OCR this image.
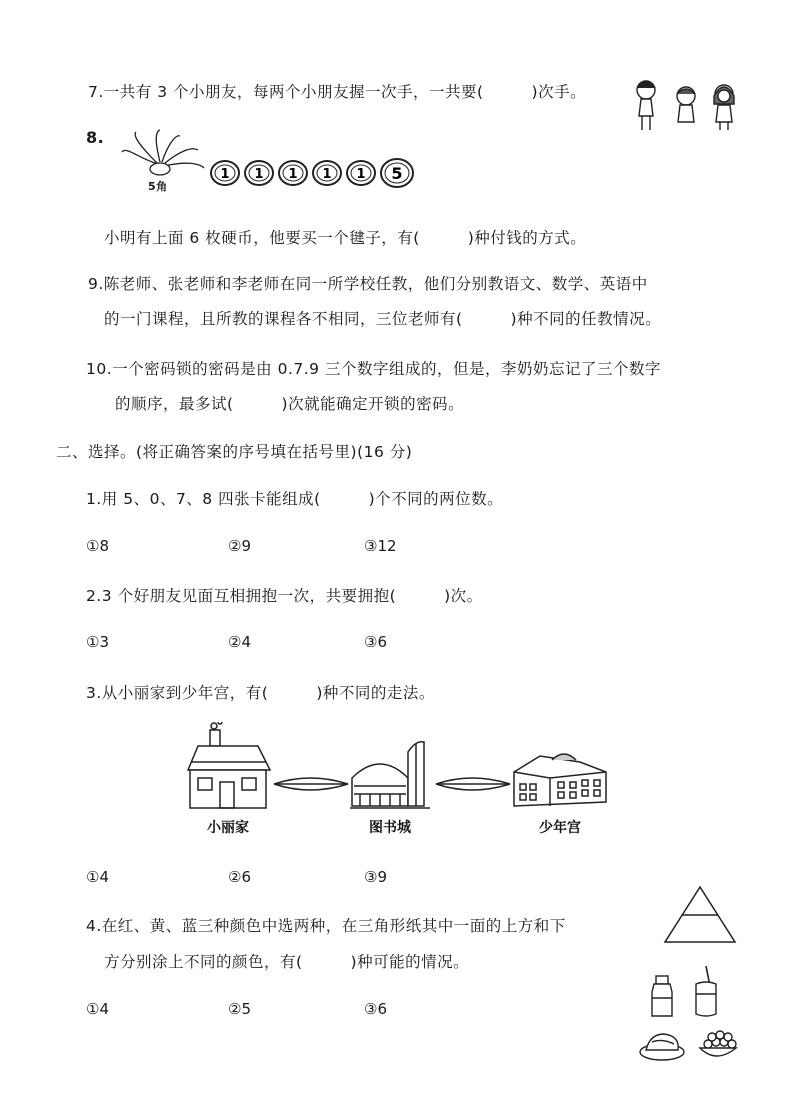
7.一共有 3 个小朋友，每两个小朋友握一次手，一共要(　　　)次手。
8.
5角
1 1 1 1 1 5
小明有上面 6 枚硬币，他要买一个毽子，有(　　　)种付钱的方式。
9.陈老师、张老师和李老师在同一所学校任教，他们分别教语文、数学、英语中
的一门课程，且所教的课程各不相同，三位老师有(　　　)种不同的任教情况。
10.一个密码锁的密码是由 0.7.9 三个数字组成的，但是，李奶奶忘记了三个数字
的顺序，最多试(　　　)次就能确定开锁的密码。
二、选择。(将正确答案的序号填在括号里)(16 分)
1.用 5、0、7、8 四张卡能组成(　　　)个不同的两位数。
①8	②9	③12
2.3 个好朋友见面互相拥抱一次，共要拥抱(　　　)次。
①3	②4	③6
3.从小丽家到少年宫，有(　　　)种不同的走法。
小丽家	图书城	少年宫
①4	②6	③9
4.在红、黄、蓝三种颜色中选两种，在三角形纸其中一面的上方和下
方分别涂上不同的颜色，有(　　　)种可能的情况。
①4	②5	③6
